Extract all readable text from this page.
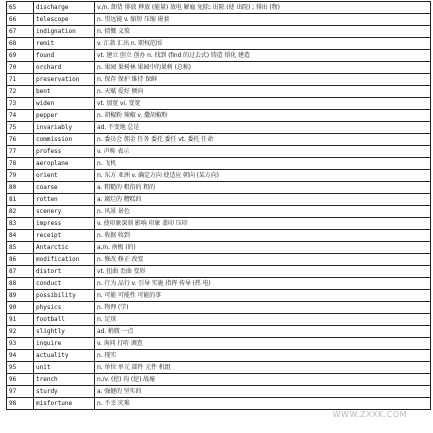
65	discharge	v./n. 卸货 排放 释放 (能量) 放电 解雇 免除; 出院 (使 出院) ; 排出 (物)
66	telescope	n. 望远镜 v. 缩短 压缩 嵌套
67	indignation	n. 愤慨 义愤
68	remit	v. 汇款 汇出 n. 职权范围
69	found	vt. 建立 创立 创办 n. 找到 (find 的过去式) 铸造 熔化 建造
70	orchard	n. 果园 果树林 果园中的果树 (总称)
71	preservation	n. 保存 保护 维持 保鲜
72	bent	n. 天赋 爱好 倾向
73	widen	vt. 加宽 vi. 变宽
74	pepper	n. 胡椒粉 辣椒 v. 撒胡椒粉
75	invariably	ad. 不变地 总是
76	commission	n. 委员会 佣金 任务 委托 委任 vt. 委托 任命
77	profess	v. 声称 表示
78	aeroplane	n. 飞机
79	orient	n. 东方 亚洲 v. 确定方向 使适应 朝向 (某方向)
80	coarse	a. 粗糙的 粗俗的 粗的
81	rotten	a. 腐烂的 糟糕的
82	scenery	n. 风景 景色
83	impress	v. 使印象深刻 影响 印象 盖印 压印
84	receipt	n. 收据 收到
85	Antarctic	a./n. 南极 (的)
86	modification	n. 修改 修正 改变
87	distort	vt. 扭曲 歪曲 变形
88	conduct	n. 行为 品行 v. 引导 实施 指挥 传导 (热 电)
89	possibility	n. 可能 可能性 可能的事
90	physics	n. 物理 (学)
91	football	n. 足球
92	slightly	ad. 稍微 一点
93	inquire	v. 询问 打听 调查
94	actuality	n. 现实
95	unit	n. 单位 单元 部件 元件 机组
96	trench	n./v. (挖) 沟 (挖) 战壕
97	sturdy	a. 强健的 坚实的
98	misfortune	n. 不幸 灾难
WWW.ZXXK.COM
